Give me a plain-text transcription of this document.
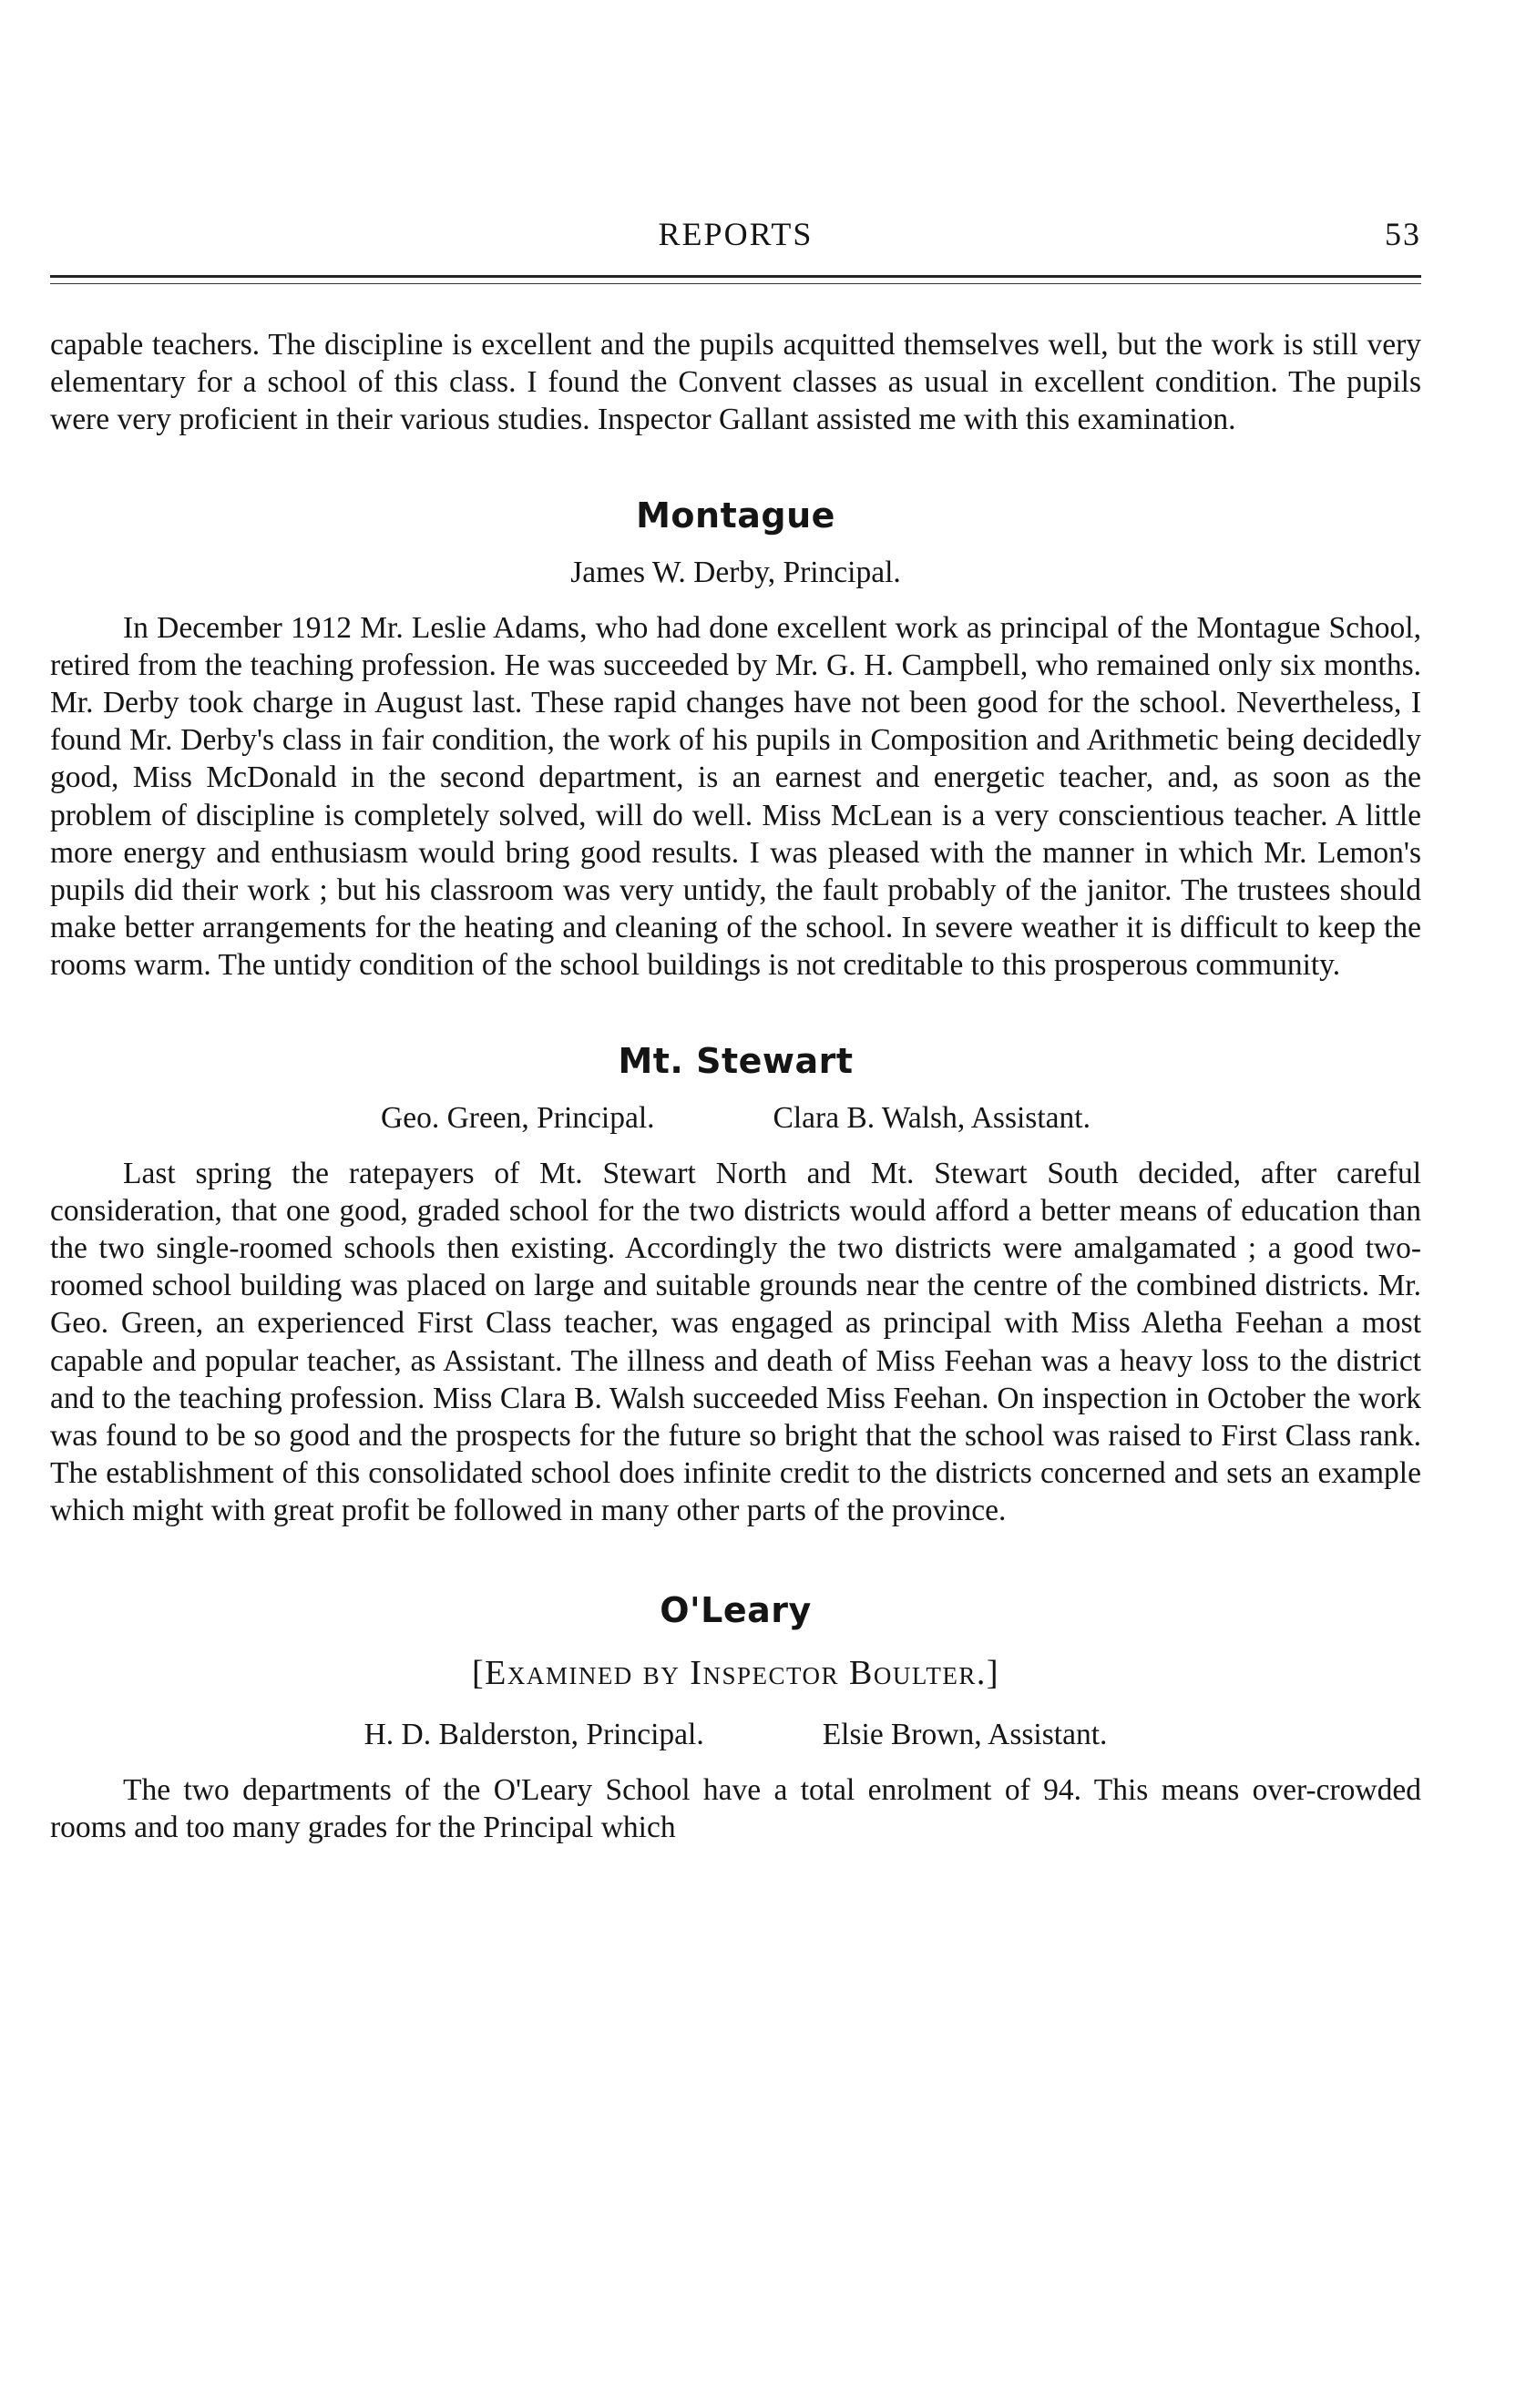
REPORTS	53

capable teachers. The discipline is excellent and the pupils acquitted themselves well, but the work is still very elementary for a school of this class. I found the Convent classes as usual in excellent condition. The pupils were very proficient in their various studies. Inspector Gallant assisted me with this examination.

Montague
James W. Derby, Principal.

In December 1912 Mr. Leslie Adams, who had done excellent work as principal of the Montague School, retired from the teaching profession. He was succeeded by Mr. G. H. Campbell, who remained only six months. Mr. Derby took charge in August last. These rapid changes have not been good for the school. Nevertheless, I found Mr. Derby's class in fair condition, the work of his pupils in Composition and Arithmetic being decidedly good, Miss McDonald in the second department, is an earnest and energetic teacher, and, as soon as the problem of discipline is completely solved, will do well. Miss McLean is a very conscientious teacher. A little more energy and enthusiasm would bring good results. I was pleased with the manner in which Mr. Lemon's pupils did their work ; but his classroom was very untidy, the fault probably of the janitor. The trustees should make better arrangements for the heating and cleaning of the school. In severe weather it is difficult to keep the rooms warm. The untidy condition of the school buildings is not creditable to this prosperous community.

Mt. Stewart
Geo. Green, Principal.	Clara B. Walsh, Assistant.

Last spring the ratepayers of Mt. Stewart North and Mt. Stewart South decided, after careful consideration, that one good, graded school for the two districts would afford a better means of education than the two single-roomed schools then existing. Accordingly the two districts were amalgamated ; a good two-roomed school building was placed on large and suitable grounds near the centre of the combined districts. Mr. Geo. Green, an experienced First Class teacher, was engaged as principal with Miss Aletha Feehan a most capable and popular teacher, as Assistant. The illness and death of Miss Feehan was a heavy loss to the district and to the teaching profession. Miss Clara B. Walsh succeeded Miss Feehan. On inspection in October the work was found to be so good and the prospects for the future so bright that the school was raised to First Class rank. The establishment of this consolidated school does infinite credit to the districts concerned and sets an example which might with great profit be followed in many other parts of the province.

O'Leary
[Examined by Inspector Boulter.]
H. D. Balderston, Principal.	Elsie Brown, Assistant.

The two departments of the O'Leary School have a total enrolment of 94. This means over-crowded rooms and too many grades for the Principal which
